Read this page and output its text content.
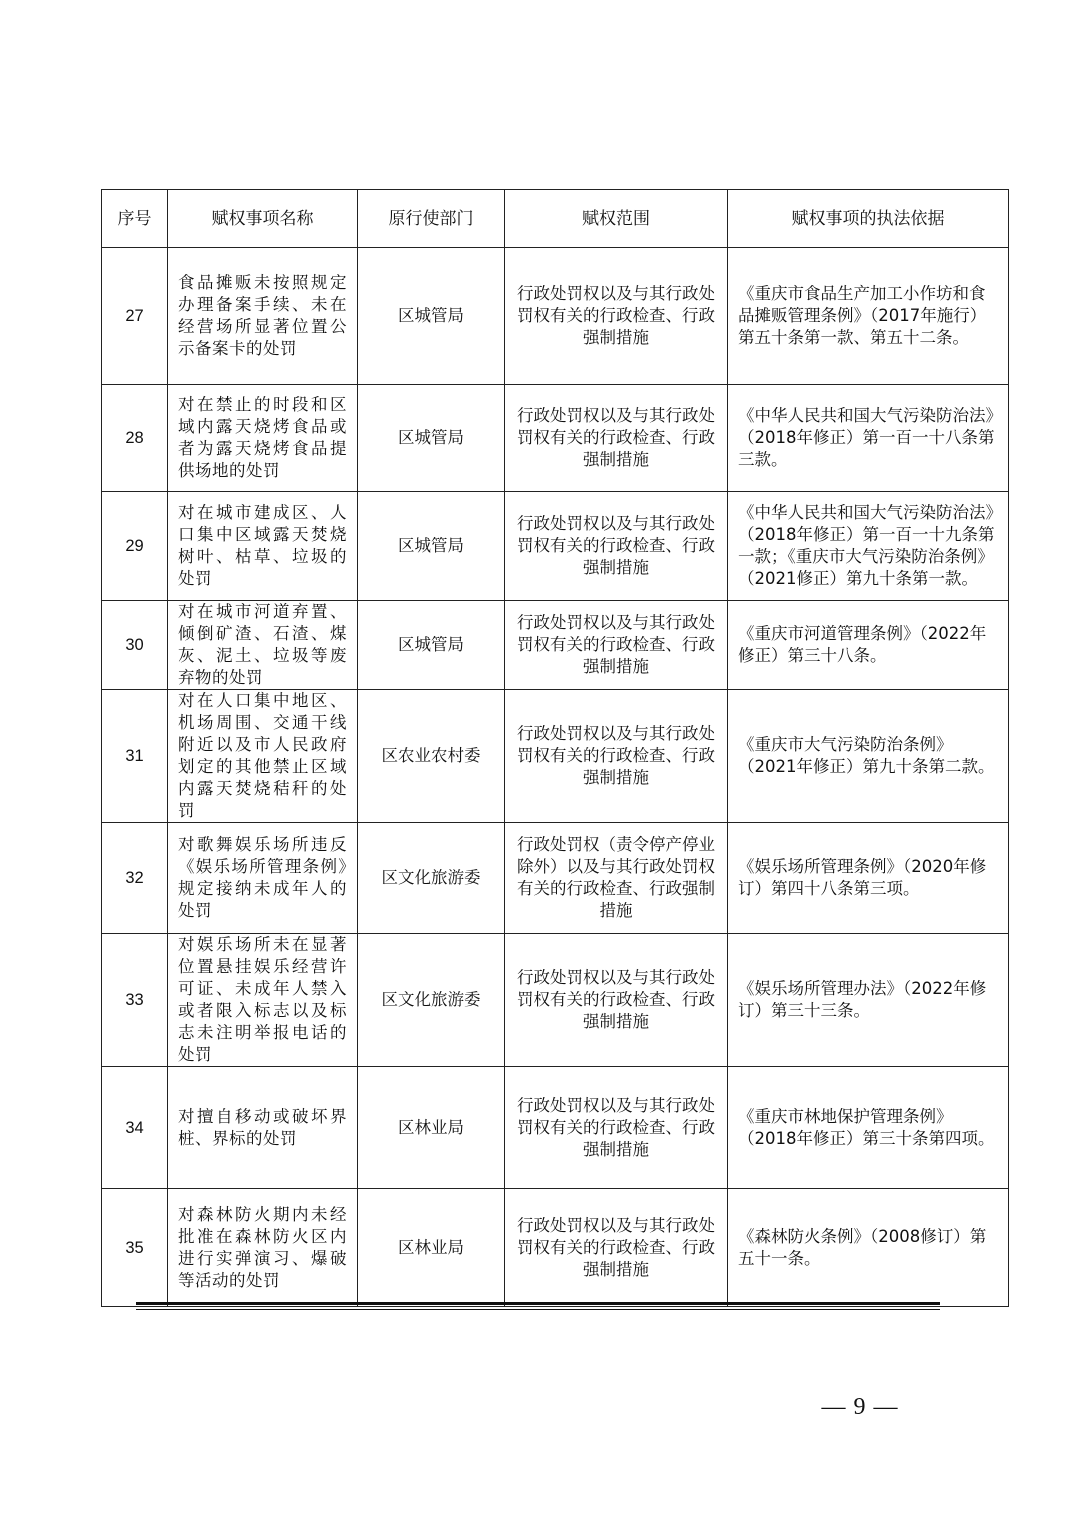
序号	赋权事项名称	原行使部门	赋权范围	赋权事项的执法依据
27	食品摊贩未按照规定办理备案手续、未在经营场所显著位置公示备案卡的处罚	区城管局	行政处罚权以及与其行政处罚权有关的行政检查、行政强制措施	《重庆市食品生产加工小作坊和食品摊贩管理条例》（2017年施行）第五十条第一款、第五十二条。
28	对在禁止的时段和区域内露天烧烤食品或者为露天烧烤食品提供场地的处罚	区城管局	行政处罚权以及与其行政处罚权有关的行政检查、行政强制措施	《中华人民共和国大气污染防治法》（2018年修正）第一百一十八条第三款。
29	对在城市建成区、人口集中区域露天焚烧树叶、枯草、垃圾的处罚	区城管局	行政处罚权以及与其行政处罚权有关的行政检查、行政强制措施	《中华人民共和国大气污染防治法》（2018年修正）第一百一十九条第一款；《重庆市大气污染防治条例》（2021修正）第九十条第一款。
30	对在城市河道弃置、倾倒矿渣、石渣、煤灰、泥土、垃圾等废弃物的处罚	区城管局	行政处罚权以及与其行政处罚权有关的行政检查、行政强制措施	《重庆市河道管理条例》（2022年修正）第三十八条。
31	对在人口集中地区、机场周围、交通干线附近以及市人民政府划定的其他禁止区域内露天焚烧秸秆的处罚	区农业农村委	行政处罚权以及与其行政处罚权有关的行政检查、行政强制措施	《重庆市大气污染防治条例》（2021年修正）第九十条第二款。
32	对歌舞娱乐场所违反《娱乐场所管理条例》规定接纳未成年人的处罚	区文化旅游委	行政处罚权（责令停产停业除外）以及与其行政处罚权有关的行政检查、行政强制措施	《娱乐场所管理条例》（2020年修订）第四十八条第三项。
33	对娱乐场所未在显著位置悬挂娱乐经营许可证、未成年人禁入或者限入标志以及标志未注明举报电话的处罚	区文化旅游委	行政处罚权以及与其行政处罚权有关的行政检查、行政强制措施	《娱乐场所管理办法》（2022年修订）第三十三条。
34	对擅自移动或破坏界桩、界标的处罚	区林业局	行政处罚权以及与其行政处罚权有关的行政检查、行政强制措施	《重庆市林地保护管理条例》（2018年修正）第三十条第四项。
35	对森林防火期内未经批准在森林防火区内进行实弹演习、爆破等活动的处罚	区林业局	行政处罚权以及与其行政处罚权有关的行政检查、行政强制措施	《森林防火条例》（2008修订）第五十一条。
— 9 —
